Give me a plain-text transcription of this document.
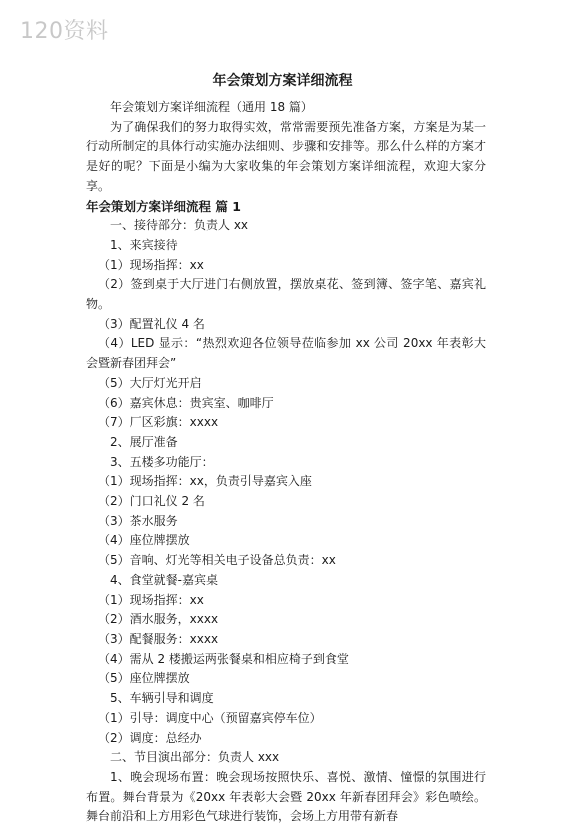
120资料
年会策划方案详细流程

年会策划方案详细流程（通用 18 篇）

为了确保我们的努力取得实效，常常需要预先准备方案，方案是为某一行动所制定的具体行动实施办法细则、步骤和安排等。那么什么样的方案才是好的呢？下面是小编为大家收集的年会策划方案详细流程，欢迎大家分享。

年会策划方案详细流程 篇 1

一、接待部分：负责人 xx

1、来宾接待

（1）现场指挥：xx

（2）签到桌于大厅进门右侧放置，摆放桌花、签到簿、签字笔、嘉宾礼物。

（3）配置礼仪 4 名

（4）LED 显示：“热烈欢迎各位领导莅临参加 xx 公司 20xx 年表彰大会暨新春团拜会”

（5）大厅灯光开启

（6）嘉宾休息：贵宾室、咖啡厅

（7）厂区彩旗：xxxx

2、展厅准备

3、五楼多功能厅：

（1）现场指挥：xx，负责引导嘉宾入座

（2）门口礼仪 2 名

（3）茶水服务

（4）座位牌摆放

（5）音响、灯光等相关电子设备总负责：xx

4、食堂就餐-嘉宾桌

（1）现场指挥：xx

（2）酒水服务，xxxx

（3）配餐服务：xxxx

（4）需从 2 楼搬运两张餐桌和相应椅子到食堂

（5）座位牌摆放

5、车辆引导和调度

（1）引导：调度中心（预留嘉宾停车位）

（2）调度：总经办

二、节目演出部分：负责人 xxx

1、晚会现场布置：晚会现场按照快乐、喜悦、激情、憧憬的氛围进行布置。舞台背景为《20xx 年表彰大会暨 20xx 年新春团拜会》彩色喷绘。舞台前沿和上方用彩色气球进行装饰，会场上方用带有新春
